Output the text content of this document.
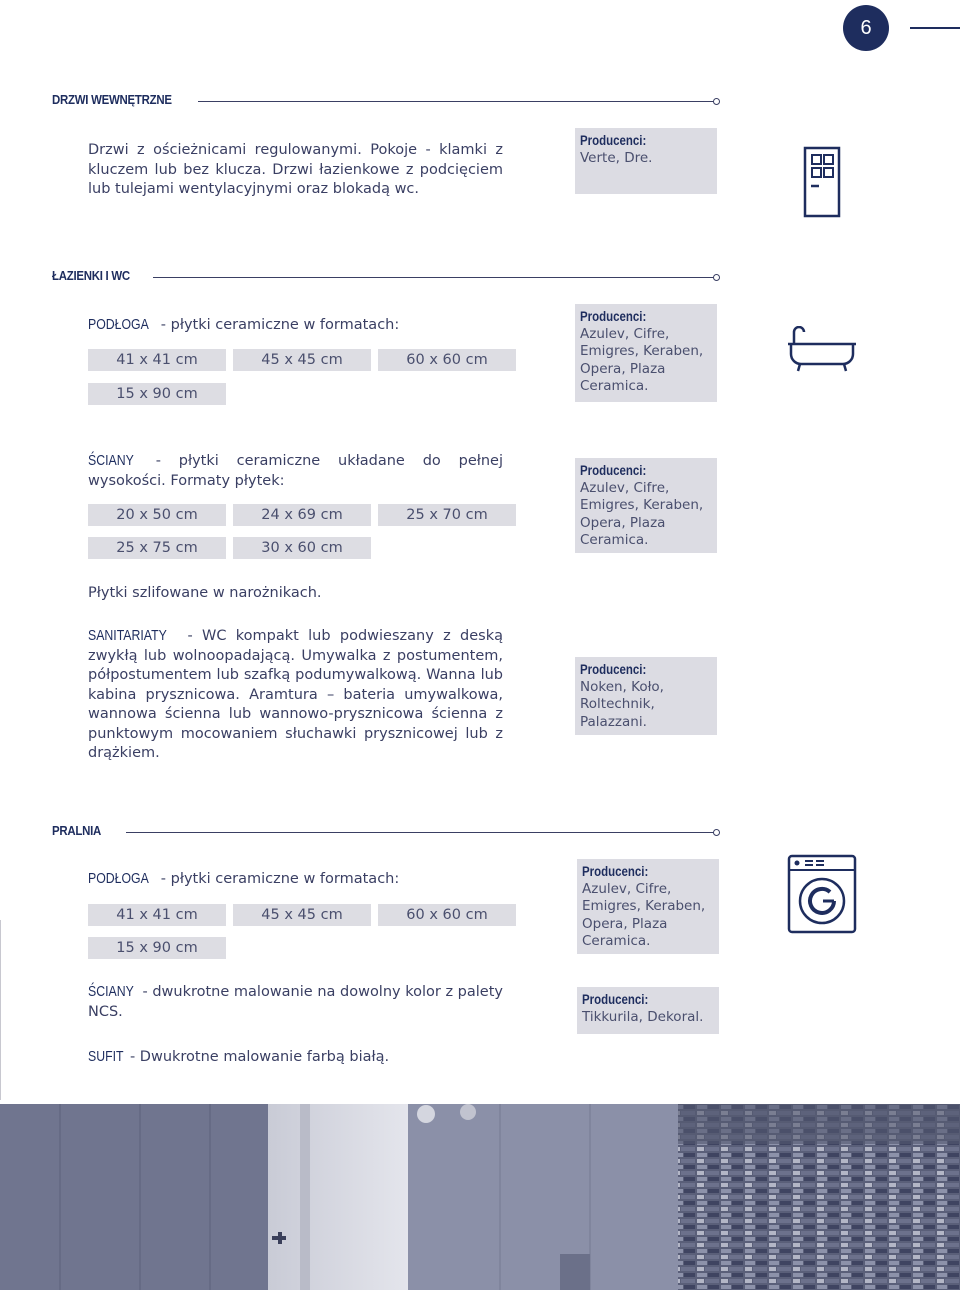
6
DRZWI WEWNĘTRZNE
Drzwi z ościeżnicami regulowanymi. Pokoje - klamki z kluczem lub bez klucza. Drzwi łazienkowe z podcięciem lub tulejami wentylacyjnymi oraz blokadą wc.
Producenci:
Verte, Dre.
ŁAZIENKI I WC
PODŁOGA - płytki ceramiczne w formatach:
41 x 41 cm	45 x 45 cm	60 x 60 cm
15 x 90 cm
Producenci:
Azulev, Cifre, Emigres, Keraben, Opera, Plaza Ceramica.
ŚCIANY - płytki ceramiczne układane do pełnej wysokości. Formaty płytek:
20 x 50 cm	24 x 69 cm	25 x 70 cm
25 x 75 cm	30 x 60 cm
Producenci:
Azulev, Cifre, Emigres, Keraben, Opera, Plaza Ceramica.
Płytki szlifowane w narożnikach.
SANITARIATY - WC kompakt lub podwieszany z deską zwykłą lub wolnoopadającą. Umywalka z postumentem, półpostumentem lub szafką podumywalkową. Wanna lub kabina prysznicowa. Aramtura – bateria umywalkowa, wannowa ścienna lub wannowo-prysznicowa ścienna z punktowym mocowaniem słuchawki prysznicowej lub z drążkiem.
Producenci:
Noken, Koło, Roltechnik, Palazzani.
PRALNIA
PODŁOGA - płytki ceramiczne w formatach:
41 x 41 cm	45 x 45 cm	60 x 60 cm
15 x 90 cm
Producenci:
Azulev, Cifre, Emigres, Keraben, Opera, Plaza Ceramica.
ŚCIANY - dwukrotne malowanie na dowolny kolor z palety NCS.
Producenci:
Tikkurila, Dekoral.
SUFIT - Dwukrotne malowanie farbą białą.
